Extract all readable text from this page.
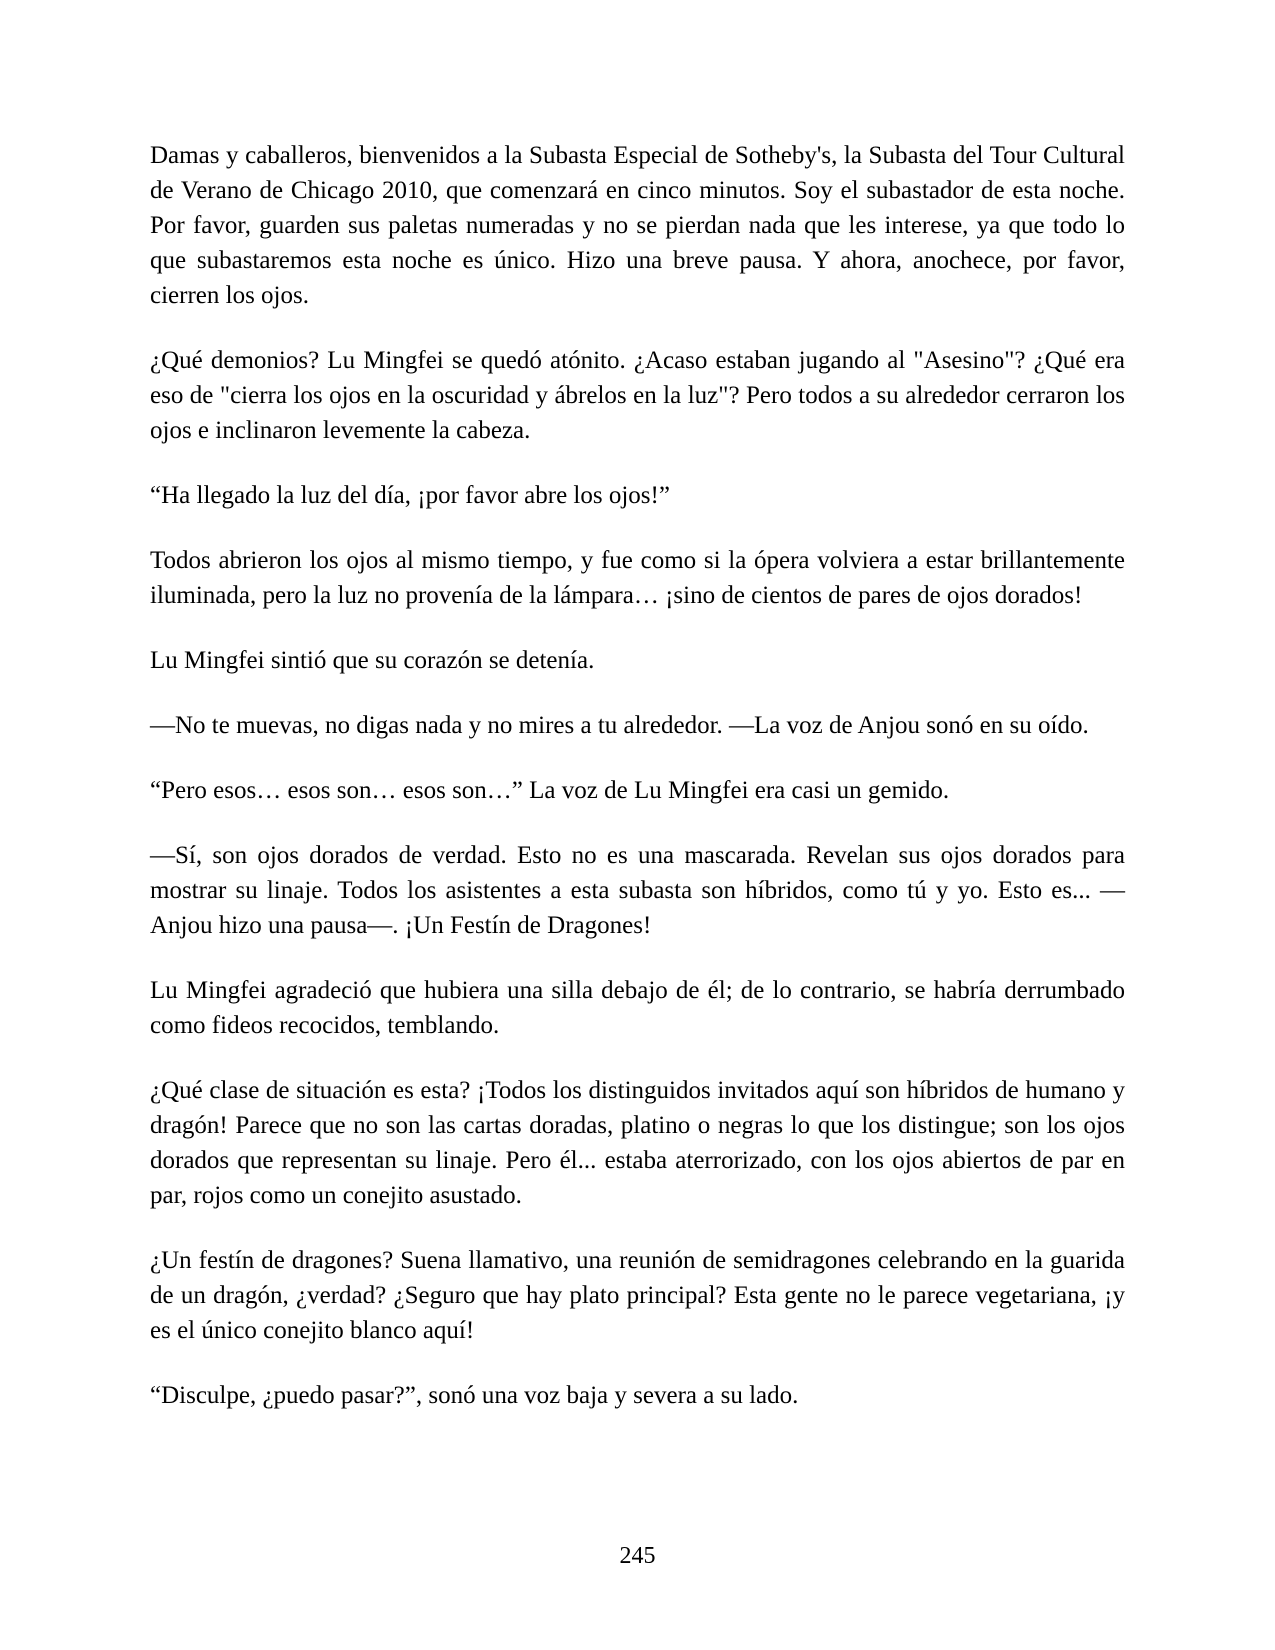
Damas y caballeros, bienvenidos a la Subasta Especial de Sotheby's, la Subasta del Tour Cultural de Verano de Chicago 2010, que comenzará en cinco minutos. Soy el subastador de esta noche. Por favor, guarden sus paletas numeradas y no se pierdan nada que les interese, ya que todo lo que subastaremos esta noche es único. Hizo una breve pausa. Y ahora, anochece, por favor, cierren los ojos.

¿Qué demonios? Lu Mingfei se quedó atónito. ¿Acaso estaban jugando al "Asesino"? ¿Qué era eso de "cierra los ojos en la oscuridad y ábrelos en la luz"? Pero todos a su alrededor cerraron los ojos e inclinaron levemente la cabeza.

“Ha llegado la luz del día, ¡por favor abre los ojos!”

Todos abrieron los ojos al mismo tiempo, y fue como si la ópera volviera a estar brillantemente iluminada, pero la luz no provenía de la lámpara… ¡sino de cientos de pares de ojos dorados!

Lu Mingfei sintió que su corazón se detenía.

—No te muevas, no digas nada y no mires a tu alrededor. —La voz de Anjou sonó en su oído.

“Pero esos… esos son… esos son…” La voz de Lu Mingfei era casi un gemido.

—Sí, son ojos dorados de verdad. Esto no es una mascarada. Revelan sus ojos dorados para mostrar su linaje. Todos los asistentes a esta subasta son híbridos, como tú y yo. Esto es... — Anjou hizo una pausa—. ¡Un Festín de Dragones!

Lu Mingfei agradeció que hubiera una silla debajo de él; de lo contrario, se habría derrumbado como fideos recocidos, temblando.

¿Qué clase de situación es esta? ¡Todos los distinguidos invitados aquí son híbridos de humano y dragón! Parece que no son las cartas doradas, platino o negras lo que los distingue; son los ojos dorados que representan su linaje. Pero él... estaba aterrorizado, con los ojos abiertos de par en par, rojos como un conejito asustado.

¿Un festín de dragones? Suena llamativo, una reunión de semidragones celebrando en la guarida de un dragón, ¿verdad? ¿Seguro que hay plato principal? Esta gente no le parece vegetariana, ¡y es el único conejito blanco aquí!

“Disculpe, ¿puedo pasar?”, sonó una voz baja y severa a su lado.

245
